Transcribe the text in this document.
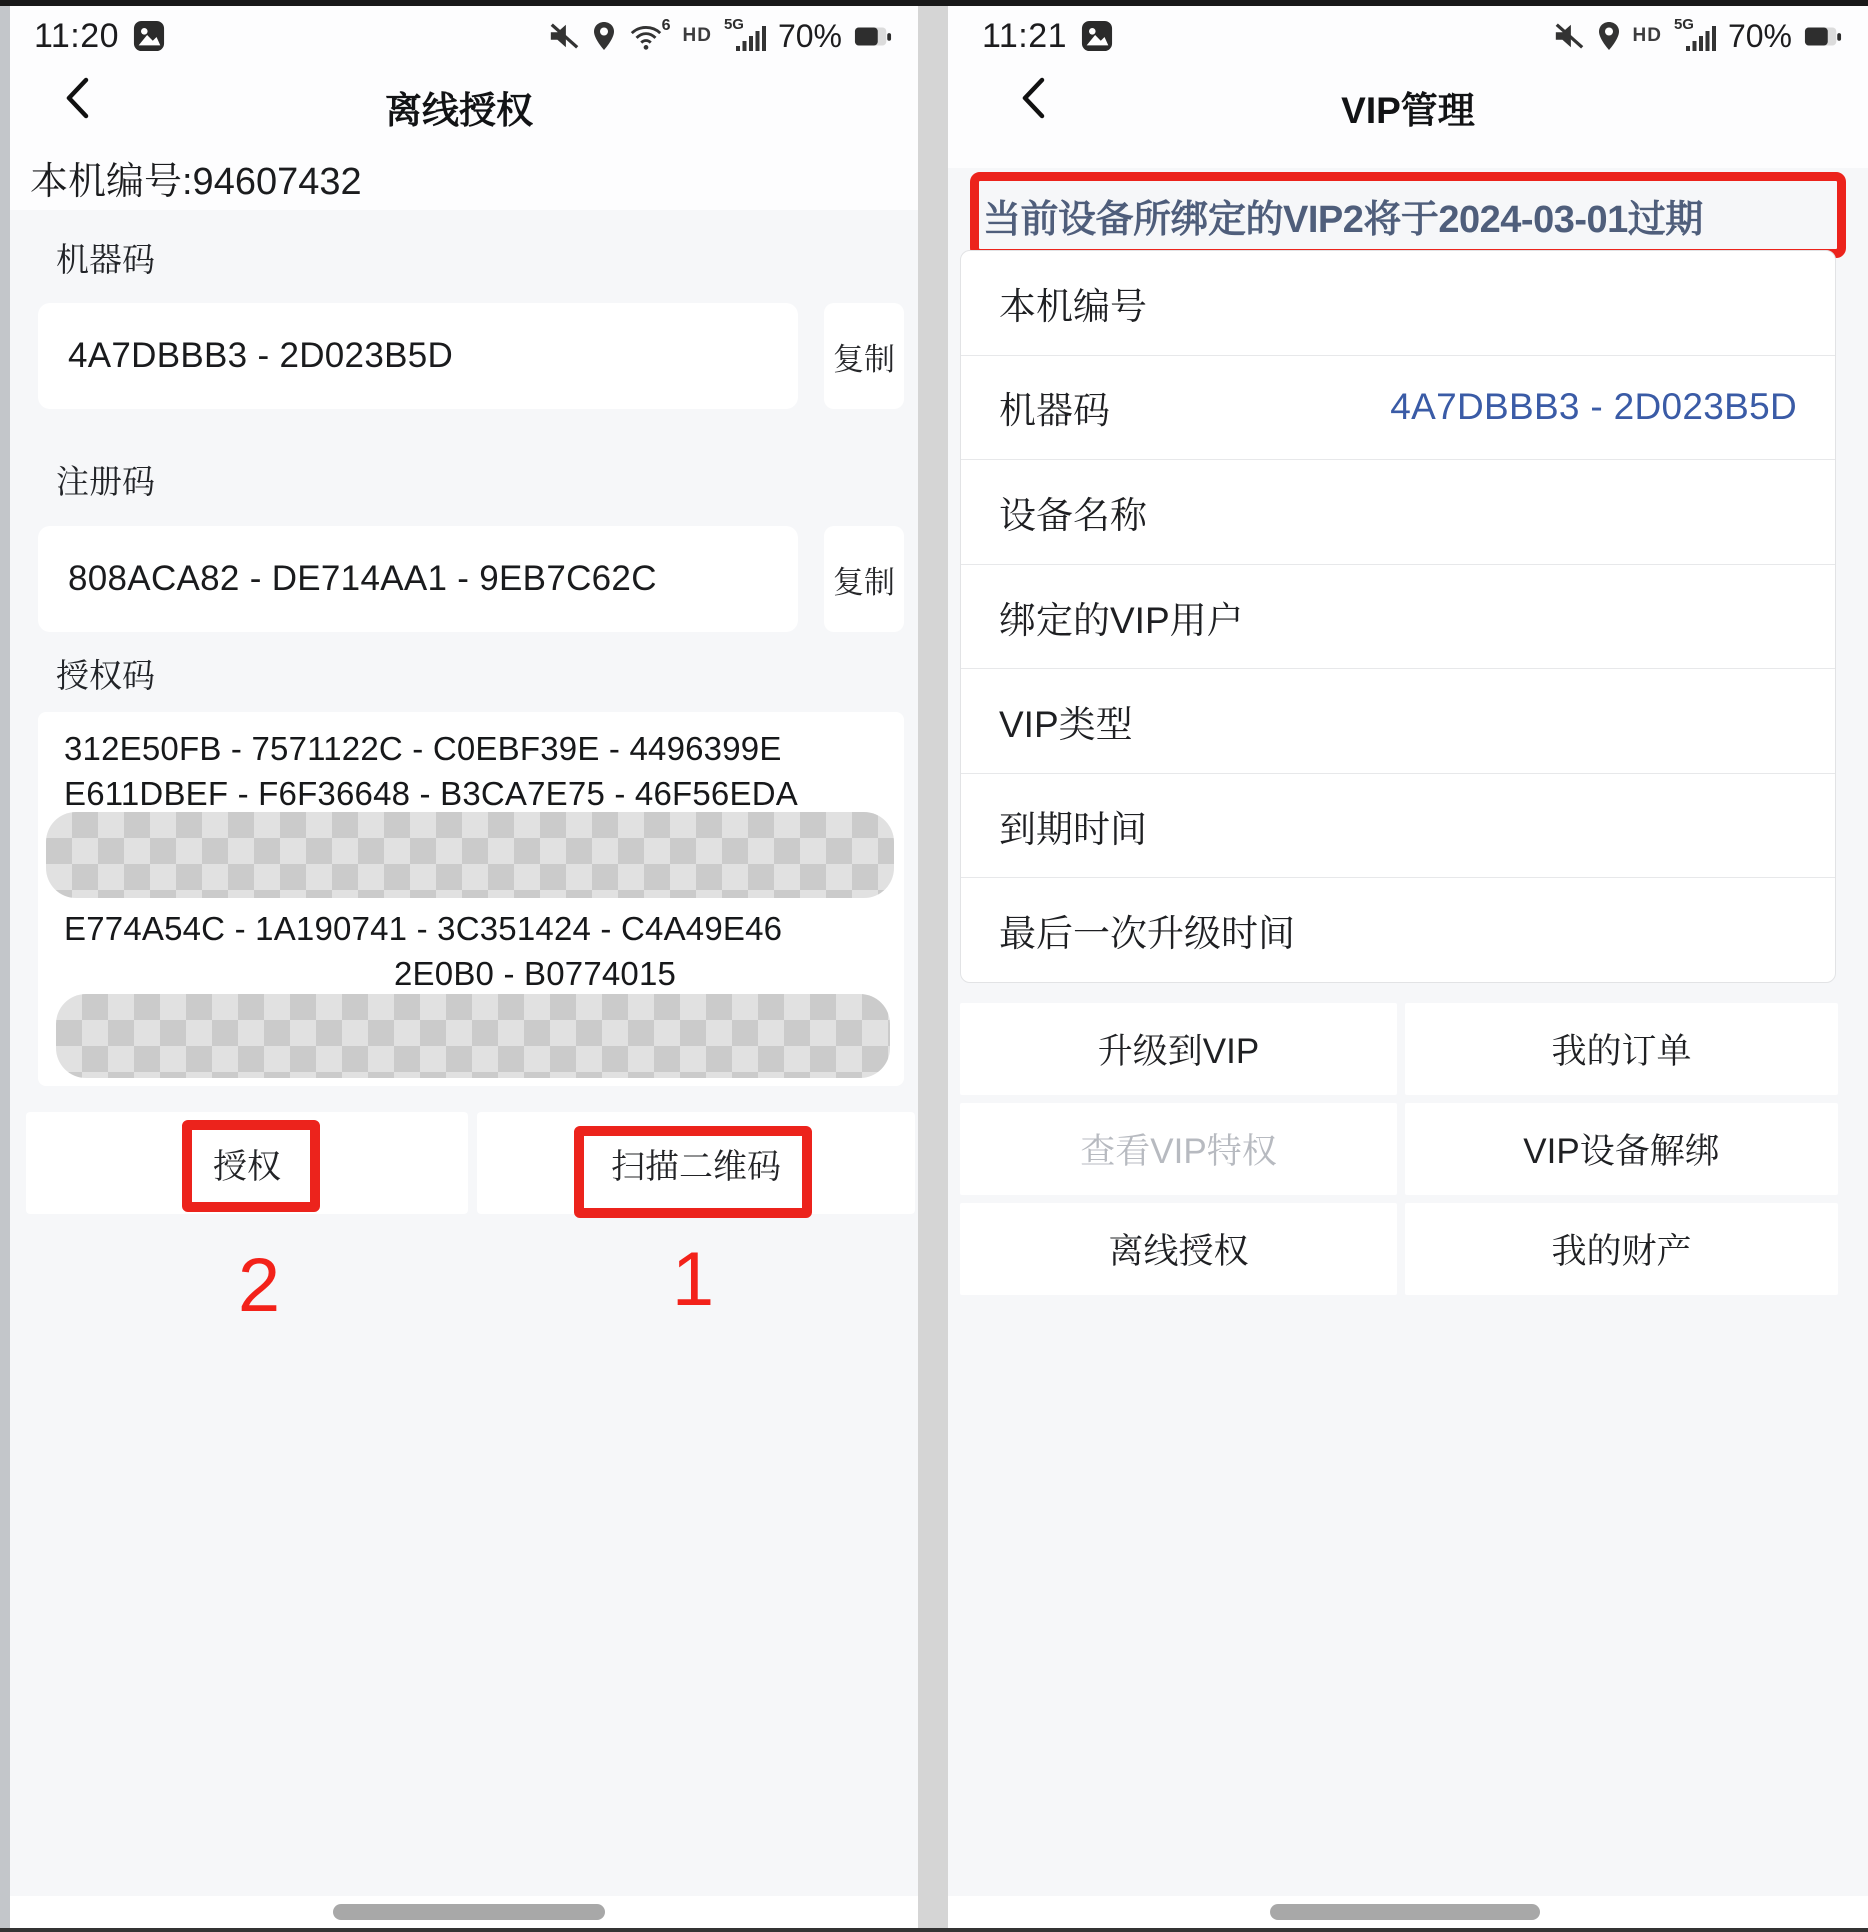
11:20	6 HD
5G 70%
离线授权
本机编号:94607432
机器码
4A7DBBB3 - 2D023B5D	复制
注册码
808ACA82 - DE714AA1 - 9EB7C62C	复制
授权码
312E50FB - 7571122C - C0EBF39E - 4496399E
E611DBEF - F6F36648 - B3CA7E75 - 46F56EDA
E774A54C - 1A190741 - 3C351424 - C4A49E46
2E0B0 - B0774015
授权	扫描二维码
2	1
11:21	HD
5G 70%
VIP管理
当前设备所绑定的VIP2将于2024-03-01过期
本机编号
机器码	4A7DBBB3 - 2D023B5D
设备名称
绑定的VIP用户
VIP类型
到期时间
最后一次升级时间
升级到VIP	我的订单
查看VIP特权	VIP设备解绑
离线授权	我的财产
